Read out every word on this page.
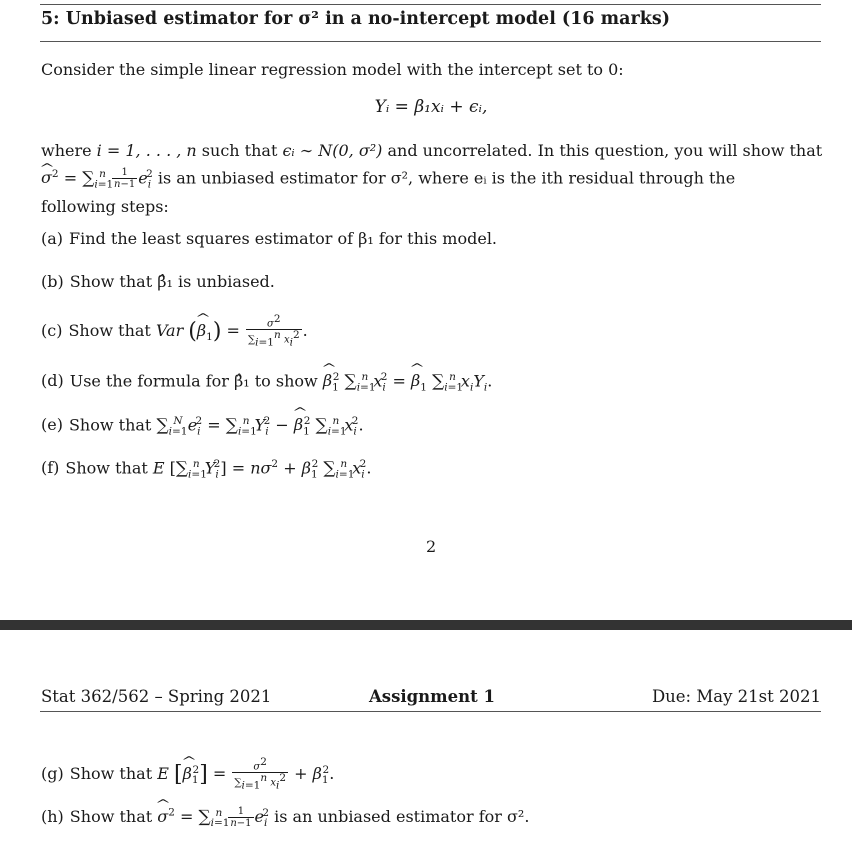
5: Unbiased estimator for σ² in a no-intercept model (16 marks)
Consider the simple linear regression model with the intercept set to 0:
Yᵢ = β₁xᵢ + ϵᵢ,
where i = 1, . . . , n such that ϵᵢ ∼ N(0, σ²) and uncorrelated. In this question, you will show that
^ $\sigma^2 = \sum_{i=1}^n \frac{1}{n-1} e_i^2$ is an unbiased estimator for σ², where eᵢ is the ith residual through the
following steps:
(a) Find the least squares estimator of β₁ for this model.
(b) Show that β̂₁ is unbiased.
(c) Show that Var (^ $\beta_1) = \frac{\sigma^2}{\sum_{i=1}^n x_i^2}$ .
(d) Use the formula for β̂₁ to show ^ $\beta_1^2$ $\sum_{i=1}^n$ $x_i^2$ = ^ $\beta_1$ $\sum_{i=1}^n$ $x_iY_i$.
(e) Show that $\sum_{i=1}^N$ $e_i^2 = \sum_{i=1}^n$ $Y_i^2$ − ^ $\beta_1^2$ $\sum_{i=1}^n$ $x_i^2$.
(f) Show that E [$\sum_{i=1}^n$ $Y_i^2] = n\sigma^2 + \beta_1^2$ $\sum_{i=1}^n$ $x_i^2$.
2
Stat 362/562 – Spring 2021	Assignment 1	Due: May 21st 2021
(g) Show that E [^ $\beta_1^2] = \frac{\sigma^2}{\sum_{i=1}^n x_i^2} + \beta_1^2$.
(h) Show that ^ $\sigma^2 = \sum_{i=1}^n \frac{1}{n-1} e_i^2$ is an unbiased estimator for σ².
